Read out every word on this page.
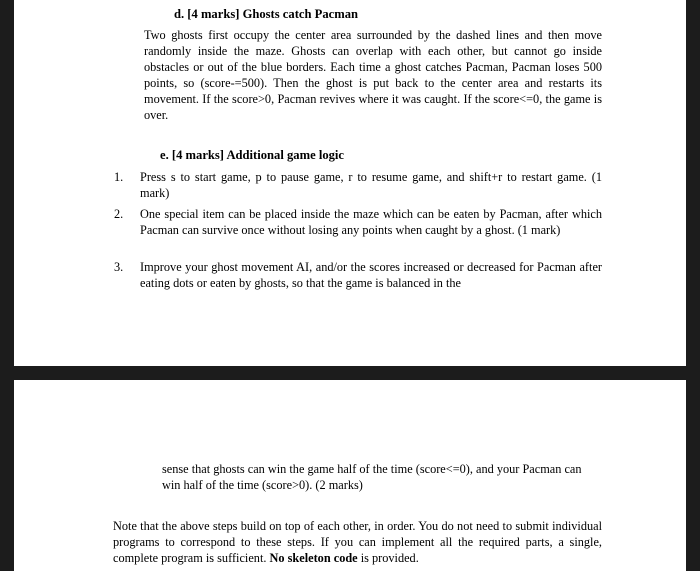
d. [4 marks] Ghosts catch Pacman
Two ghosts first occupy the center area surrounded by the dashed lines and then move randomly inside the maze. Ghosts can overlap with each other, but cannot go inside obstacles or out of the blue borders. Each time a ghost catches Pacman, Pacman loses 500 points, so (score-=500). Then the ghost is put back to the center area and restarts its movement. If the score>0, Pacman revives where it was caught. If the score<=0, the game is over.
e. [4 marks] Additional game logic
1. Press s to start game, p to pause game, r to resume game, and shift+r to restart game. (1 mark)
2. One special item can be placed inside the maze which can be eaten by Pacman, after which Pacman can survive once without losing any points when caught by a ghost. (1 mark)
3. Improve your ghost movement AI, and/or the scores increased or decreased for Pacman after eating dots or eaten by ghosts, so that the game is balanced in the
sense that ghosts can win the game half of the time (score<=0), and your Pacman can win half of the time (score>0). (2 marks)
Note that the above steps build on top of each other, in order. You do not need to submit individual programs to correspond to these steps. If you can implement all the required parts, a single, complete program is sufficient. No skeleton code is provided.
